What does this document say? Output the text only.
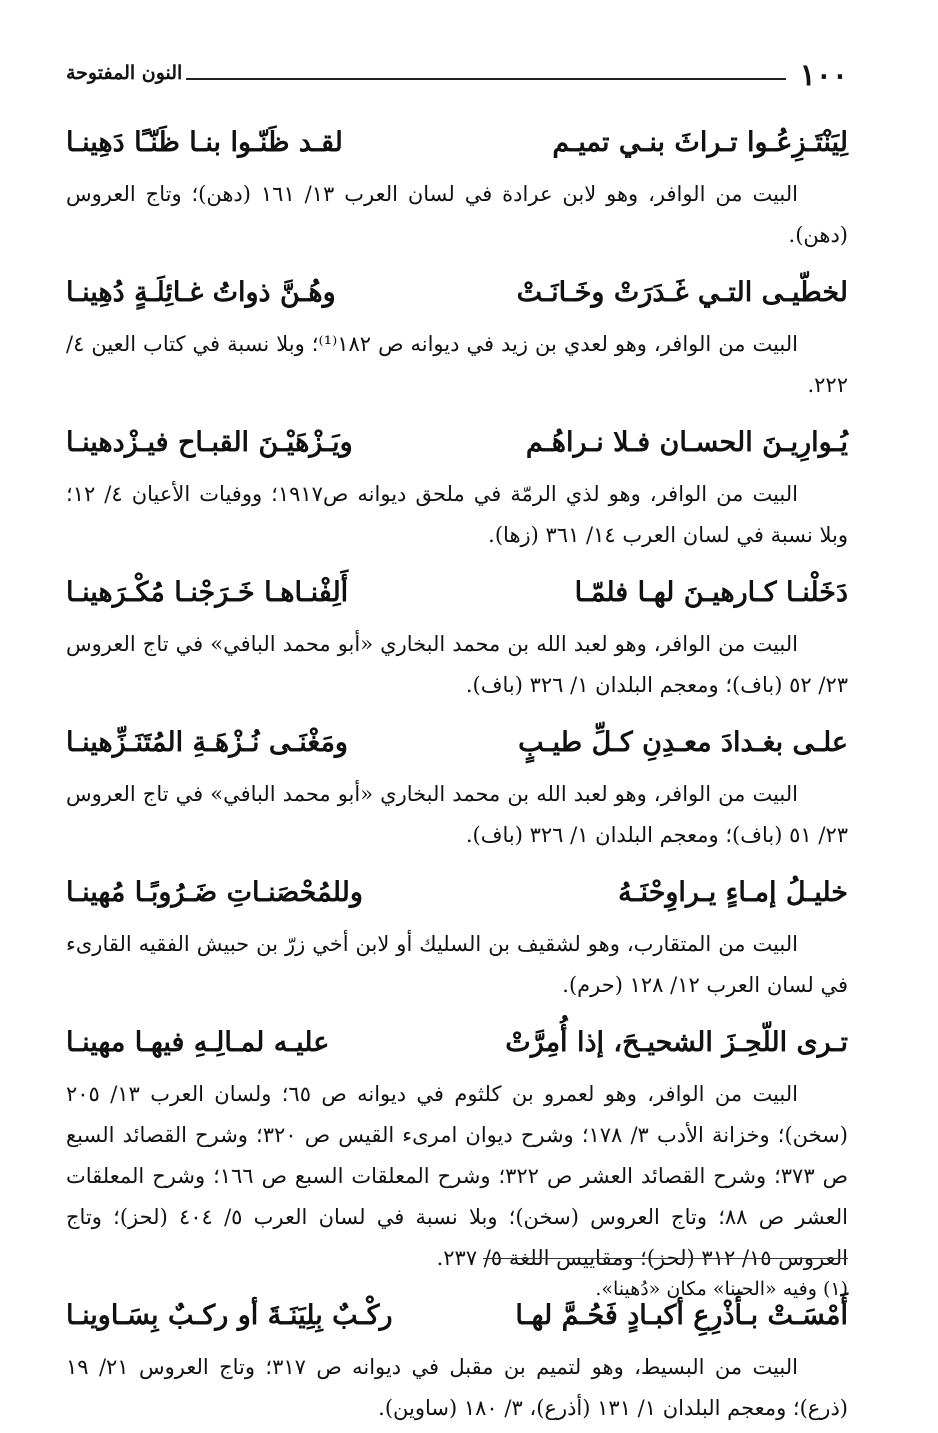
١٠٠
النون المفتوحة
لِيَنْتَـزِعُـوا تـراثَ بنـي تميـم
لقـد ظَنّـوا بنـا ظَنّـًا دَهِينـا

البيت من الوافر، وهو لابن عرادة في لسان العرب ١٣/ ١٦١ (دهن)؛ وتاج العروس (دهن).

لخطّيـى التـي غَـدَرَتْ وخَـانَـتْ
وهُـنَّ ذواتُ غـائِلَـةٍ دُهِينـا

البيت من الوافر، وهو لعدي بن زيد في ديوانه ص ١٨٢⁽¹⁾؛ وبلا نسبة في كتاب العين ٤/ ٢٢٢.

يُـوارِيـنَ الحسـان فـلا نـراهُـم
ويَـزْهَيْـنَ القبـاح فيـزْدهينـا

البيت من الوافر، وهو لذي الرمّة في ملحق ديوانه ص١٩١٧؛ ووفيات الأعيان ٤/ ١٢؛ وبلا نسبة في لسان العرب ١٤/ ٣٦١ (زها).

دَخَلْنـا كـارهيـنَ لهـا فلمّـا
أَلِفْنـاهـا خَـرَجْنـا مُكْـرَهينـا

البيت من الوافر، وهو لعبد الله بن محمد البخاري «أبو محمد البافي» في تاج العروس ٢٣/ ٥٢ (باف)؛ ومعجم البلدان ١/ ٣٢٦ (باف).

علـى بغـدادَ معـدِنِ كـلِّ طيـبٍ
ومَغْنَـى نُـزْهَـةِ المُتَنَـزِّهينـا

البيت من الوافر، وهو لعبد الله بن محمد البخاري «أبو محمد البافي» في تاج العروس ٢٣/ ٥١ (باف)؛ ومعجم البلدان ١/ ٣٢٦ (باف).

خليـلُ إمـاءٍ يـراوِحْنَـهُ
وللمُحْصَنـاتِ ضَـرُوبًـا مُهينـا

البيت من المتقارب، وهو لشقيف بن السليك أو لابن أخي زرّ بن حبيش الفقيه القارىء في لسان العرب ١٢/ ١٢٨ (حرم).

تـرى اللّحِـزَ الشحيـحَ، إذا أُمِرَّتْ
عليـه لمـالِـهِ فيهـا مهينـا

البيت من الوافر، وهو لعمرو بن كلثوم في ديوانه ص ٦٥؛ ولسان العرب ١٣/ ٢٠٥ (سخن)؛ وخزانة الأدب ٣/ ١٧٨؛ وشرح ديوان امرىء القيس ص ٣٢٠؛ وشرح القصائد السبع ص ٣٧٣؛ وشرح القصائد العشر ص ٣٢٢؛ وشرح المعلقات السبع ص ١٦٦؛ وشرح المعلقات العشر ص ٨٨؛ وتاج العروس (سخن)؛ وبلا نسبة في لسان العرب ٥/ ٤٠٤ (لحز)؛ وتاج العروس ١٥/ ٣١٢ (لحز)؛ ومقاييس اللغة ٥/ ٢٣٧.

أَمْسَـتْ بـأَذْرِعِ أكبـادٍ فَحُـمَّ لهـا
ركْـبٌ بِلِيَنَـةَ أو ركـبٌ بِسَـاوينـا

البيت من البسيط، وهو لتميم بن مقبل في ديوانه ص ٣١٧؛ وتاج العروس ٢١/ ١٩ (ذرع)؛ ومعجم البلدان ١/ ١٣١ (أذرع)، ٣/ ١٨٠ (ساوين).

(١) وفيه «الحينا» مكان «دُهينا».
